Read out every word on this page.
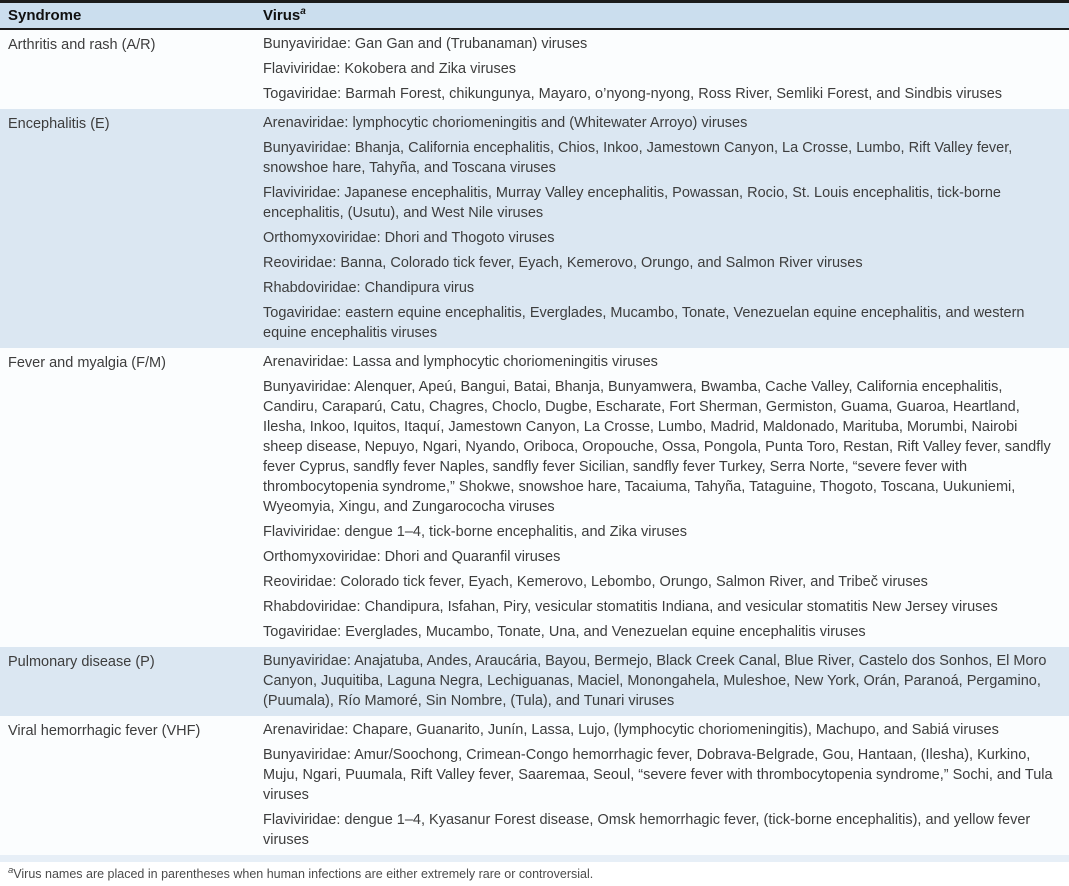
Syndrome	Virus$^a$
Arthritis and rash (A/R)	Bunyaviridae: Gan Gan and (Trubanaman) viruses

Flaviviridae: Kokobera and Zika viruses

Togaviridae: Barmah Forest, chikungunya, Mayaro, o’nyong-nyong, Ross River, Semliki Forest, and Sindbis viruses

Encephalitis (E)	Arenaviridae: lymphocytic choriomeningitis and (Whitewater Arroyo) viruses

Bunyaviridae: Bhanja, California encephalitis, Chios, Inkoo, Jamestown Canyon, La Crosse, Lumbo, Rift Valley fever, snowshoe hare, Tahyña, and Toscana viruses

Flaviviridae: Japanese encephalitis, Murray Valley encephalitis, Powassan, Rocio, St. Louis encephalitis, tick-borne encephalitis, (Usutu), and West Nile viruses

Orthomyxoviridae: Dhori and Thogoto viruses

Reoviridae: Banna, Colorado tick fever, Eyach, Kemerovo, Orungo, and Salmon River viruses

Rhabdoviridae: Chandipura virus

Togaviridae: eastern equine encephalitis, Everglades, Mucambo, Tonate, Venezuelan equine encephalitis, and western equine encephalitis viruses

Fever and myalgia (F/M)	Arenaviridae: Lassa and lymphocytic choriomeningitis viruses

Bunyaviridae: Alenquer, Apeú, Bangui, Batai, Bhanja, Bunyamwera, Bwamba, Cache Valley, California encephalitis, Candiru, Caraparú, Catu, Chagres, Choclo, Dugbe, Escharate, Fort Sherman, Germiston, Guama, Guaroa, Heartland, Ilesha, Inkoo, Iquitos, Itaquí, Jamestown Canyon, La Crosse, Lumbo, Madrid, Maldonado, Marituba, Morumbi, Nairobi sheep disease, Nepuyo, Ngari, Nyando, Oriboca, Oropouche, Ossa, Pongola, Punta Toro, Restan, Rift Valley fever, sandfly fever Cyprus, sandfly fever Naples, sandfly fever Sicilian, sandfly fever Turkey, Serra Norte, “severe fever with thrombocytopenia syndrome,” Shokwe, snowshoe hare, Tacaiuma, Tahyña, Tataguine, Thogoto, Toscana, Uukuniemi, Wyeomyia, Xingu, and Zungarococha viruses

Flaviviridae: dengue 1–4, tick-borne encephalitis, and Zika viruses

Orthomyxoviridae: Dhori and Quaranfil viruses

Reoviridae: Colorado tick fever, Eyach, Kemerovo, Lebombo, Orungo, Salmon River, and Tribeč viruses

Rhabdoviridae: Chandipura, Isfahan, Piry, vesicular stomatitis Indiana, and vesicular stomatitis New Jersey viruses

Togaviridae: Everglades, Mucambo, Tonate, Una, and Venezuelan equine encephalitis viruses

Pulmonary disease (P)	Bunyaviridae: Anajatuba, Andes, Araucária, Bayou, Bermejo, Black Creek Canal, Blue River, Castelo dos Sonhos, El Moro Canyon, Juquitiba, Laguna Negra, Lechiguanas, Maciel, Monongahela, Muleshoe, New York, Orán, Paranoá, Pergamino, (Puumala), Río Mamoré, Sin Nombre, (Tula), and Tunari viruses

Viral hemorrhagic fever (VHF)	Arenaviridae: Chapare, Guanarito, Junín, Lassa, Lujo, (lymphocytic choriomeningitis), Machupo, and Sabiá viruses

Bunyaviridae: Amur/Soochong, Crimean-Congo hemorrhagic fever, Dobrava-Belgrade, Gou, Hantaan, (Ilesha), Kurkino, Muju, Ngari, Puumala, Rift Valley fever, Saaremaa, Seoul, “severe fever with thrombocytopenia syndrome,” Sochi, and Tula viruses

Flaviviridae: dengue 1–4, Kyasanur Forest disease, Omsk hemorrhagic fever, (tick-borne encephalitis), and yellow fever viruses

$^a$Virus names are placed in parentheses when human infections are either extremely rare or controversial.
